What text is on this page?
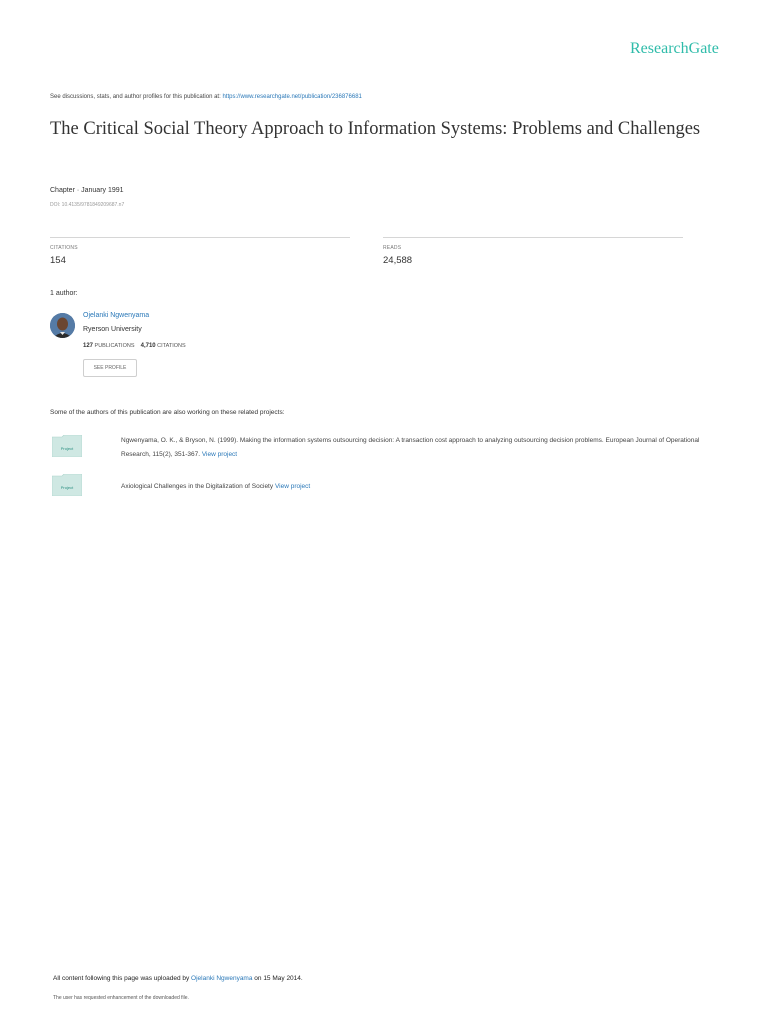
ResearchGate
See discussions, stats, and author profiles for this publication at: https://www.researchgate.net/publication/236876681
The Critical Social Theory Approach to Information Systems: Problems and Challenges
Chapter · January 1991
DOI: 10.4135/9781849209687.n7
CITATIONS
154
READS
24,588
1 author:
Ojelanki Ngwenyama
Ryerson University
127 PUBLICATIONS 4,710 CITATIONS
SEE PROFILE
Some of the authors of this publication are also working on these related projects:
Project
Ngwenyama, O. K., & Bryson, N. (1999). Making the information systems outsourcing decision: A transaction cost approach to analyzing outsourcing decision problems. European Journal of Operational Research, 115(2), 351-367. View project
Project	Axiological Challenges in the Digitalization of Society View project
All content following this page was uploaded by Ojelanki Ngwenyama on 15 May 2014.
The user has requested enhancement of the downloaded file.
